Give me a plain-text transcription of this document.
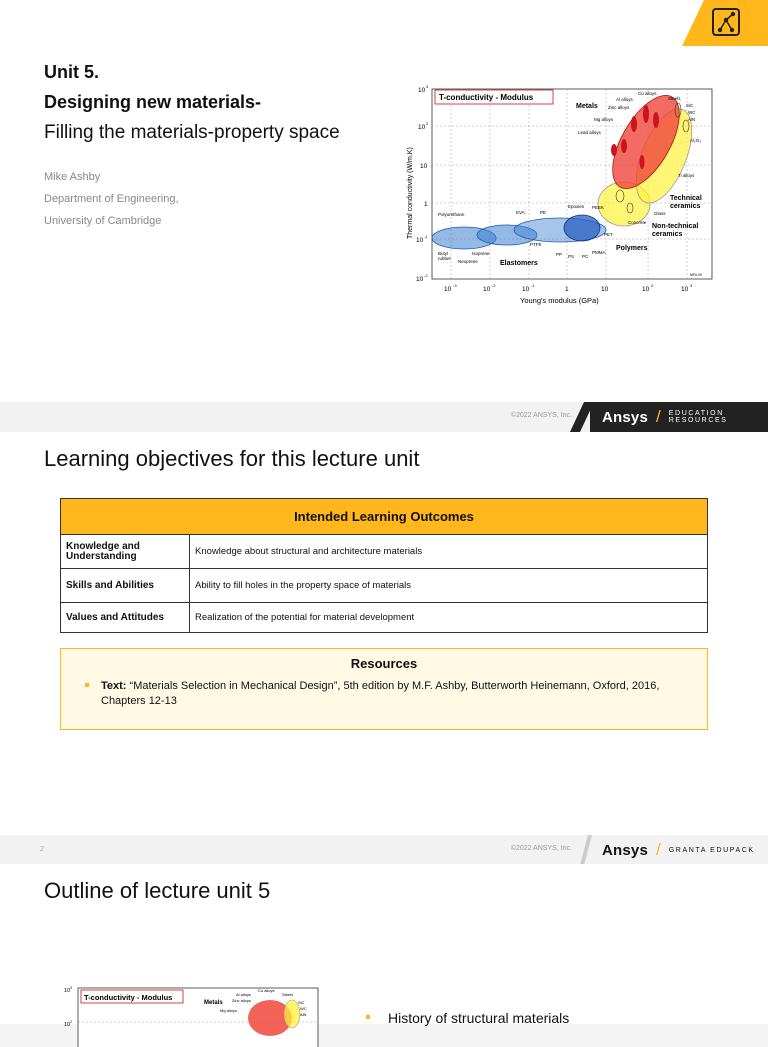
Unit 5.
Designing new materials-
Filling the materials-property space
Mike Ashby
Department of Engineering,
University of Cambridge
T-conductivity - Modulus
Metals
Technical
ceramics
Non-technical
ceramics
Polymers
Elastomers
Al alloys
Cu alloys
Zinc alloys
Steels
Mg alloys
Lead alloys
SiC
WC
AlN
Al₂O₃
Ti alloys
Glass
Concrete
PEEK
Epoxies
PE
EVA
Polyurethane
Butyl
rubber
Isoprene
Neoprene
PTFE
PP PS PC
PMMA
PET
MFA 09
10
-3
10
-2
10
-1
1	10	10
2
10
3
10
3
10
2
10
1
10
-1
10
-2
Young's modulus (GPa)
Thermal conductivity (W/m.K)
©2022 ANSYS, Inc. Ansys / EDUCATION RESOURCES
Learning objectives for this lecture unit
Intended Learning Outcomes	
Knowledge and Understanding	Knowledge about structural and architecture materials
Skills and Abilities	Ability to fill holes in the property space of materials
Values and Attitudes	Realization of the potential for material development
Resources
Text: “Materials Selection in Mechanical Design”, 5th edition by M.F. Ashby, Butterworth Heinemann, Oxford, 2016, Chapters 12-13
2	©2022 ANSYS, Inc. Ansys / GRANTA EDUPACK
Outline of lecture unit 5
T-conductivity - Modulus
Metals
Al alloys
Cu alloys
Zinc alloys
Steels
Mg alloys
SiC
WC
AlN
10 3
10 2	History of structural materials
